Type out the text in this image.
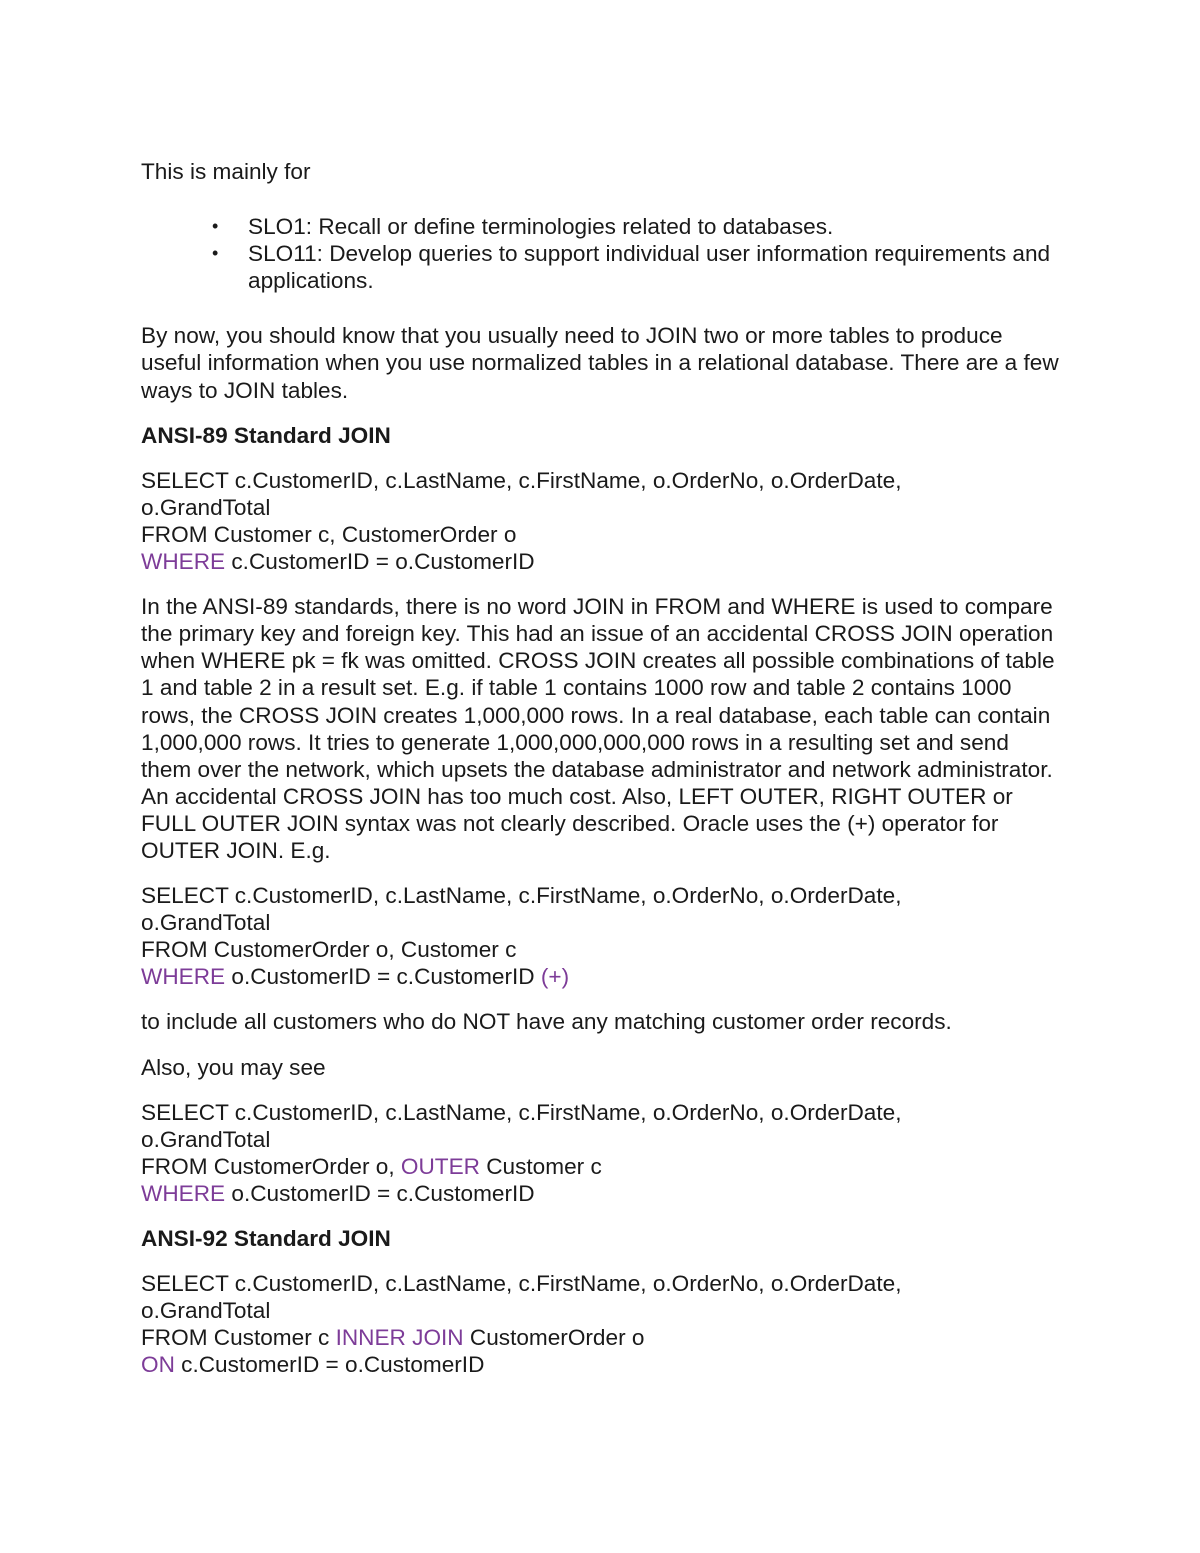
This is mainly for

• SLO1: Recall or define terminologies related to databases.
• SLO11: Develop queries to support individual user information requirements and applications.

By now, you should know that you usually need to JOIN two or more tables to produce useful information when you use normalized tables in a relational database. There are a few ways to JOIN tables.

ANSI-89 Standard JOIN

SELECT c.CustomerID, c.LastName, c.FirstName, o.OrderNo, o.OrderDate,
o.GrandTotal
FROM Customer c, CustomerOrder o
WHERE c.CustomerID = o.CustomerID

In the ANSI-89 standards, there is no word JOIN in FROM and WHERE is used to compare the primary key and foreign key. This had an issue of an accidental CROSS JOIN operation when WHERE pk = fk was omitted. CROSS JOIN creates all possible combinations of table 1 and table 2 in a result set. E.g. if table 1 contains 1000 row and table 2 contains 1000 rows, the CROSS JOIN creates 1,000,000 rows. In a real database, each table can contain 1,000,000 rows. It tries to generate 1,000,000,000,000 rows in a resulting set and send them over the network, which upsets the database administrator and network administrator. An accidental CROSS JOIN has too much cost. Also, LEFT OUTER, RIGHT OUTER or FULL OUTER JOIN syntax was not clearly described. Oracle uses the (+) operator for OUTER JOIN. E.g.

SELECT c.CustomerID, c.LastName, c.FirstName, o.OrderNo, o.OrderDate,
o.GrandTotal
FROM CustomerOrder o, Customer c
WHERE o.CustomerID = c.CustomerID (+)

to include all customers who do NOT have any matching customer order records.

Also, you may see

SELECT c.CustomerID, c.LastName, c.FirstName, o.OrderNo, o.OrderDate,
o.GrandTotal
FROM CustomerOrder o, OUTER Customer c
WHERE o.CustomerID = c.CustomerID

ANSI-92 Standard JOIN

SELECT c.CustomerID, c.LastName, c.FirstName, o.OrderNo, o.OrderDate,
o.GrandTotal
FROM Customer c INNER JOIN CustomerOrder o
ON c.CustomerID = o.CustomerID
